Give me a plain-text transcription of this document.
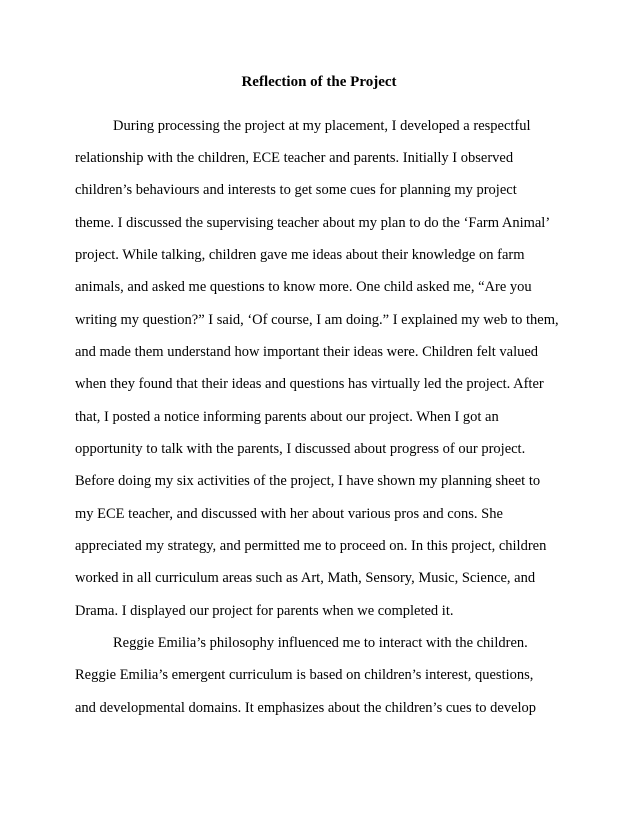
Reflection of the Project

During processing the project at my placement, I developed a respectful

relationship with the children, ECE teacher and parents. Initially I observed

children’s behaviours and interests to get some cues for planning my project

theme. I discussed the supervising teacher about my plan to do the ‘Farm Animal’

project. While talking, children gave me ideas about their knowledge on farm

animals, and asked me questions to know more. One child asked me, “Are you

writing my question?” I said, ‘Of course, I am doing.” I explained my web to them,

and made them understand how important their ideas were. Children felt valued

when they found that their ideas and questions has virtually led the project. After

that, I posted a notice informing parents about our project. When I got an

opportunity to talk with the parents, I discussed about progress of our project.

Before doing my six activities of the project, I have shown my planning sheet to

my ECE teacher, and discussed with her about various pros and cons. She

appreciated my strategy, and permitted me to proceed on. In this project, children

worked in all curriculum areas such as Art, Math, Sensory, Music, Science, and

Drama. I displayed our project for parents when we completed it.

Reggie Emilia’s philosophy influenced me to interact with the children.

Reggie Emilia’s emergent curriculum is based on children’s interest, questions,

and developmental domains. It emphasizes about the children’s cues to develop
